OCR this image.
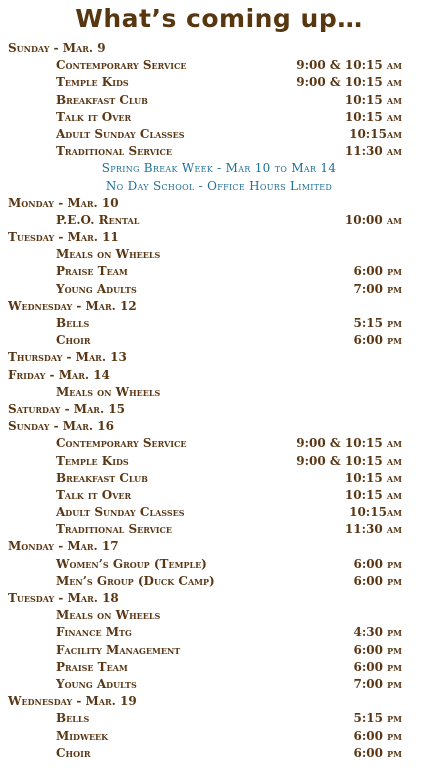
What’s coming up…
Sunday - Mar. 9
Contemporary Service	9:00 & 10:15 am
Temple Kids	9:00 & 10:15 am
Breakfast Club	10:15 am
Talk it Over	10:15 am
Adult Sunday Classes	10:15am
Traditional Service	11:30 am
Spring Break Week - Mar 10 to Mar 14
No Day School - Office Hours Limited
Monday - Mar. 10
P.E.O. Rental	10:00 am
Tuesday - Mar. 11
Meals on Wheels
Praise Team	6:00 pm
Young Adults	7:00 pm
Wednesday - Mar. 12
Bells	5:15 pm
Choir	6:00 pm
Thursday - Mar. 13
Friday - Mar. 14
Meals on Wheels
Saturday - Mar. 15
Sunday - Mar. 16
Contemporary Service	9:00 & 10:15 am
Temple Kids	9:00 & 10:15 am
Breakfast Club	10:15 am
Talk it Over	10:15 am
Adult Sunday Classes	10:15am
Traditional Service	11:30 am
Monday - Mar. 17
Women’s Group (Temple)	6:00 pm
Men’s Group (Duck Camp)	6:00 pm
Tuesday - Mar. 18
Meals on Wheels
Finance Mtg	4:30 pm
Facility Management	6:00 pm
Praise Team	6:00 pm
Young Adults	7:00 pm
Wednesday - Mar. 19
Bells	5:15 pm
Midweek	6:00 pm
Choir	6:00 pm
